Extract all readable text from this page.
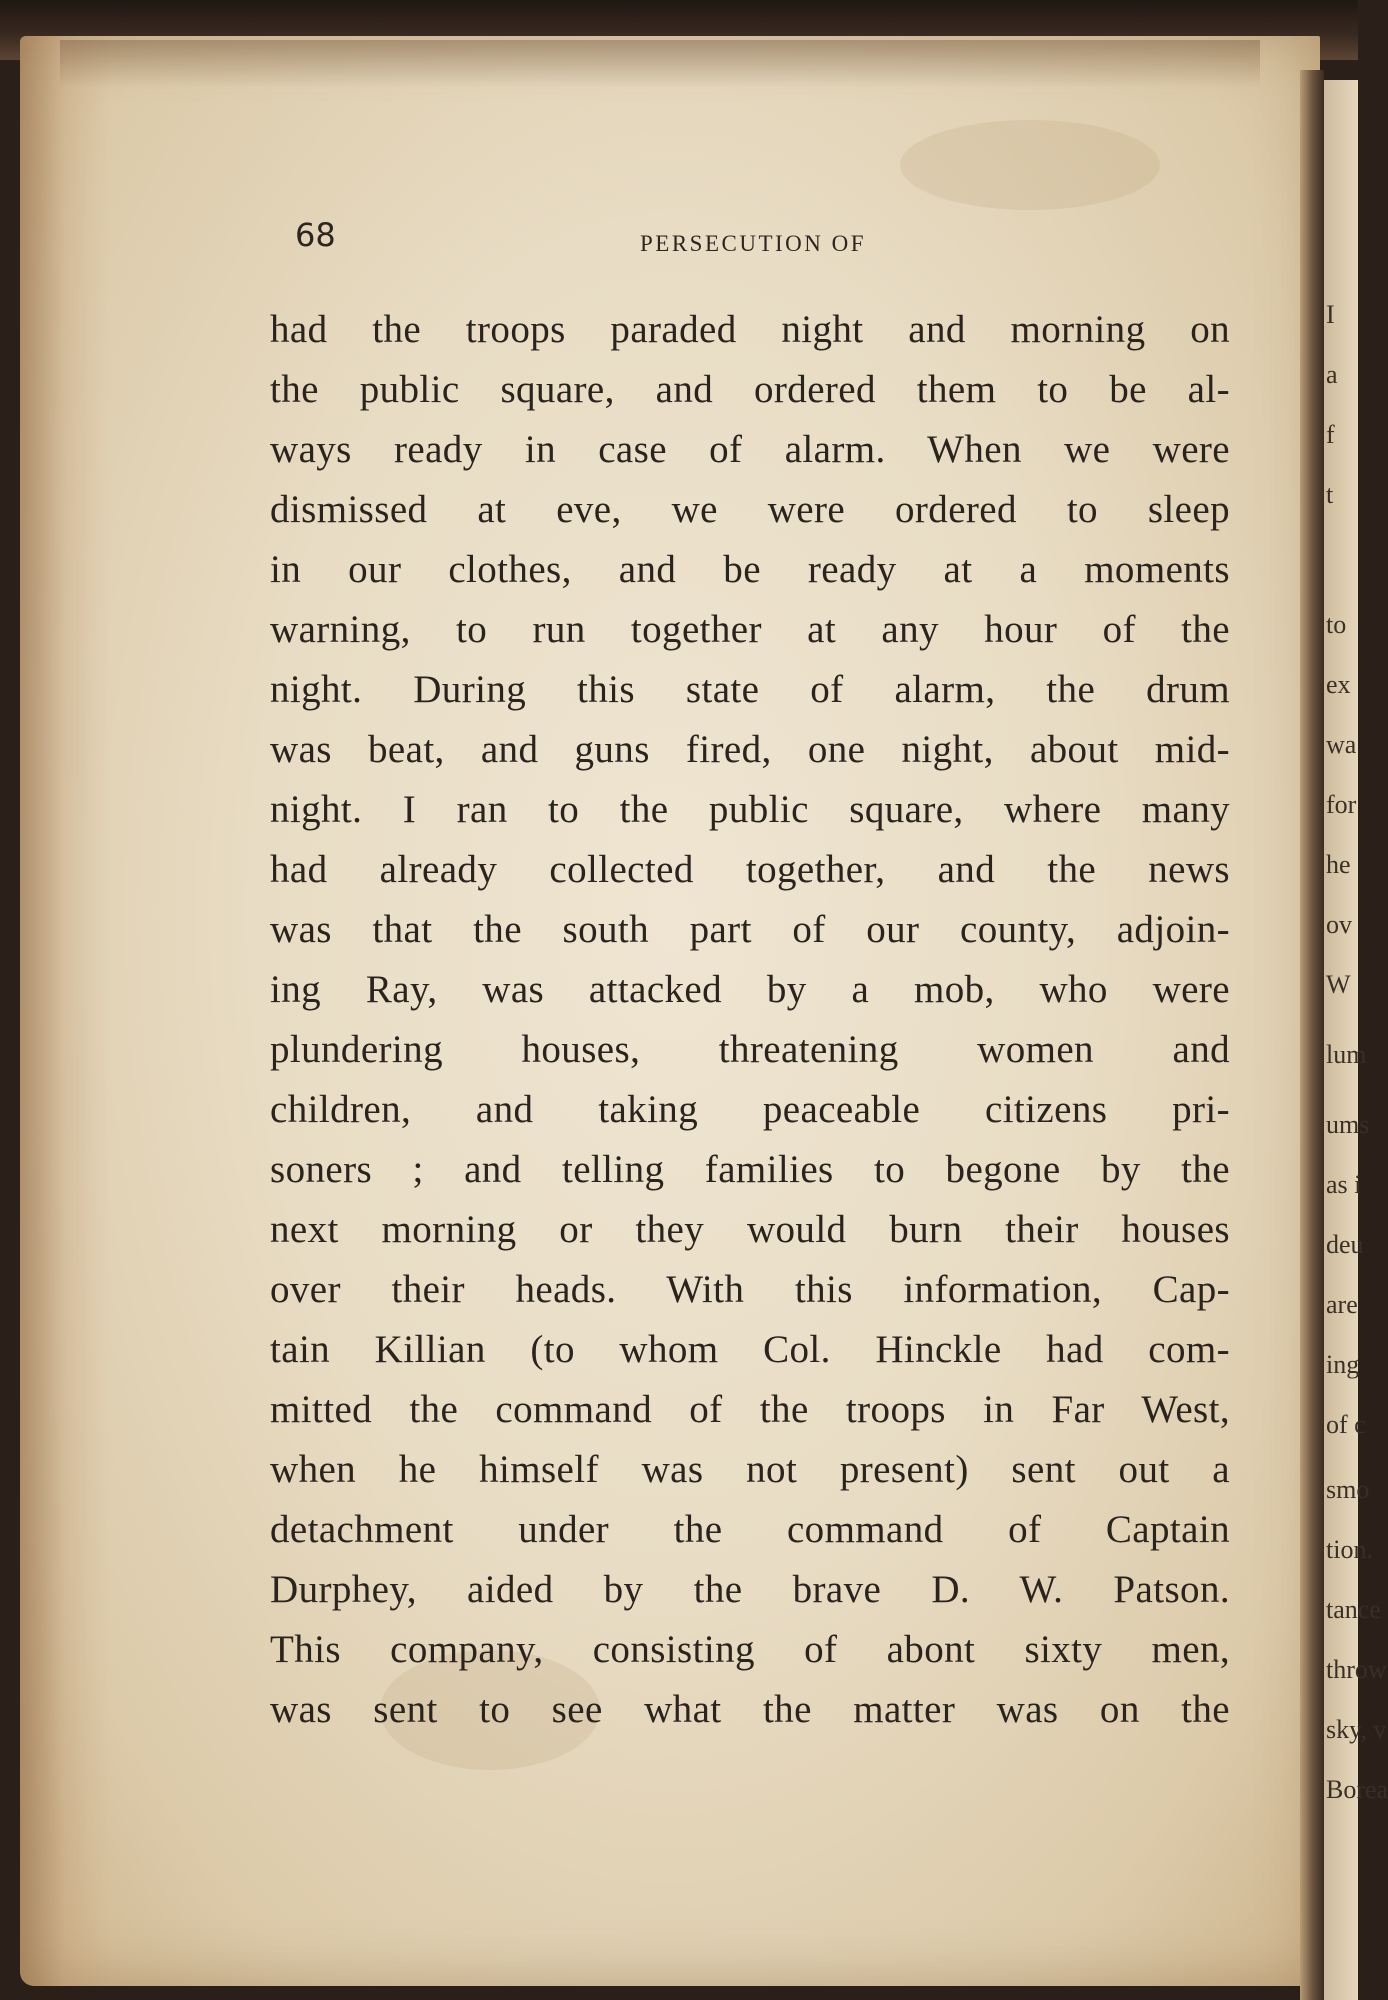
I
a
f
t
to
ex
wa
for
he
ov
W
lum
ums
as i
deu
are
ing
of c
smo
tion.
tance
throw
sky, v
Borea
68	PERSECUTION OF
had the troops paraded night and morning on
the public square, and ordered them to be al-
ways ready in case of alarm. When we were
dismissed at eve, we were ordered to sleep
in our clothes, and be ready at a moments
warning, to run together at any hour of the
night. During this state of alarm, the drum
was beat, and guns fired, one night, about mid-
night. I ran to the public square, where many
had already collected together, and the news
was that the south part of our county, adjoin-
ing Ray, was attacked by a mob, who were
plundering houses, threatening women and
children, and taking peaceable citizens pri-
soners ; and telling families to begone by the
next morning or they would burn their houses
over their heads. With this information, Cap-
tain Killian (to whom Col. Hinckle had com-
mitted the command of the troops in Far West,
when he himself was not present) sent out a
detachment under the command of Captain
Durphey, aided by the brave D. W. Patson.
This company, consisting of abont sixty men,
was sent to see what the matter was on the
